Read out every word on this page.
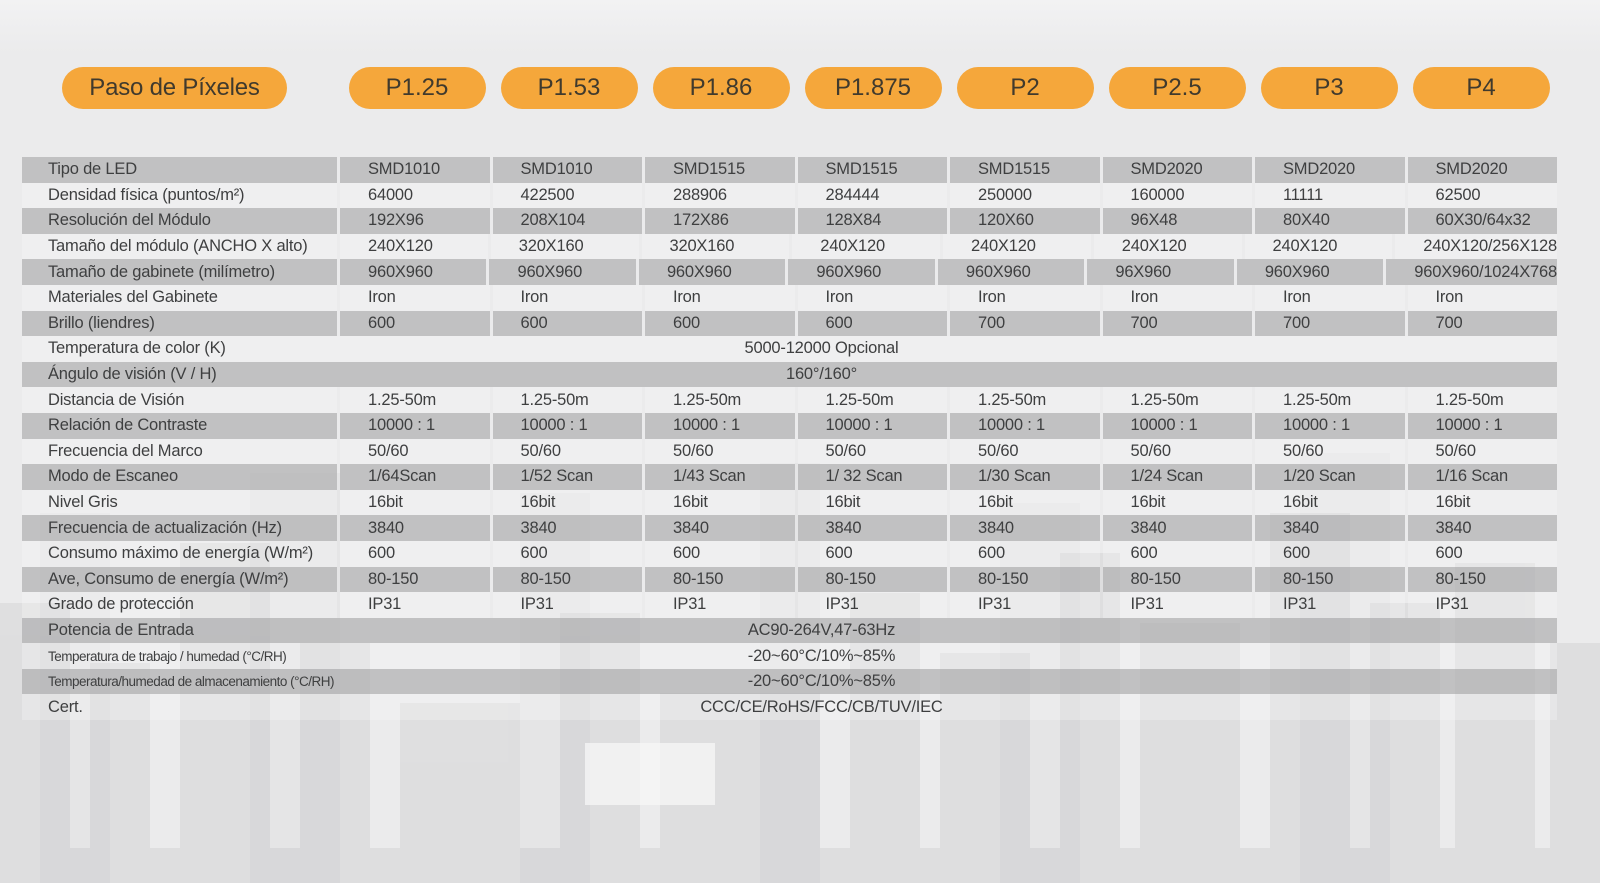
Paso de Píxeles	P1.25	P1.53	P1.86	P1.875	P2	P2.5	P3	P4
Tipo de LED	SMD1010	SMD1010	SMD1515	SMD1515	SMD1515	SMD2020	SMD2020	SMD2020
Densidad física (puntos/m²)	64000	422500	288906	284444	250000	160000	11111	62500
Resolución del Módulo	192X96	208X104	172X86	128X84	120X60	96X48	80X40	60X30/64x32
Tamaño del módulo (ANCHO X alto)	240X120	320X160	320X160	240X120	240X120	240X120	240X120	240X120/256X128
Tamaño de gabinete (milímetro)	960X960	960X960	960X960	960X960	960X960	96X960	960X960	960X960/1024X768
Materiales del Gabinete	Iron	Iron	Iron	Iron	Iron	Iron	Iron	Iron
Brillo (liendres)	600	600	600	600	700	700	700	700
Temperatura de color (K)	5000-12000 Opcional
Ángulo de visión (V / H)	160°/160°
Distancia de Visión	1.25-50m	1.25-50m	1.25-50m	1.25-50m	1.25-50m	1.25-50m	1.25-50m	1.25-50m
Relación de Contraste	10000 : 1	10000 : 1	10000 : 1	10000 : 1	10000 : 1	10000 : 1	10000 : 1	10000 : 1
Frecuencia del Marco	50/60	50/60	50/60	50/60	50/60	50/60	50/60	50/60
Modo de Escaneo	1/64Scan	1/52 Scan	1/43 Scan	1/ 32 Scan	1/30 Scan	1/24 Scan	1/20 Scan	1/16 Scan
Nivel Gris	16bit	16bit	16bit	16bit	16bit	16bit	16bit	16bit
Frecuencia de actualización (Hz)	3840	3840	3840	3840	3840	3840	3840	3840
Consumo máximo de energía (W/m²)	600	600	600	600	600	600	600	600
Ave, Consumo de energía (W/m²)	80-150	80-150	80-150	80-150	80-150	80-150	80-150	80-150
Grado de protección	IP31	IP31	IP31	IP31	IP31	IP31	IP31	IP31
Potencia de Entrada	AC90-264V,47-63Hz
Temperatura de trabajo / humedad (°C/RH)	-20~60°C/10%~85%
Temperatura/humedad de almacenamiento (°C/RH)	-20~60°C/10%~85%
Cert.	CCC/CE/RoHS/FCC/CB/TUV/IEC
